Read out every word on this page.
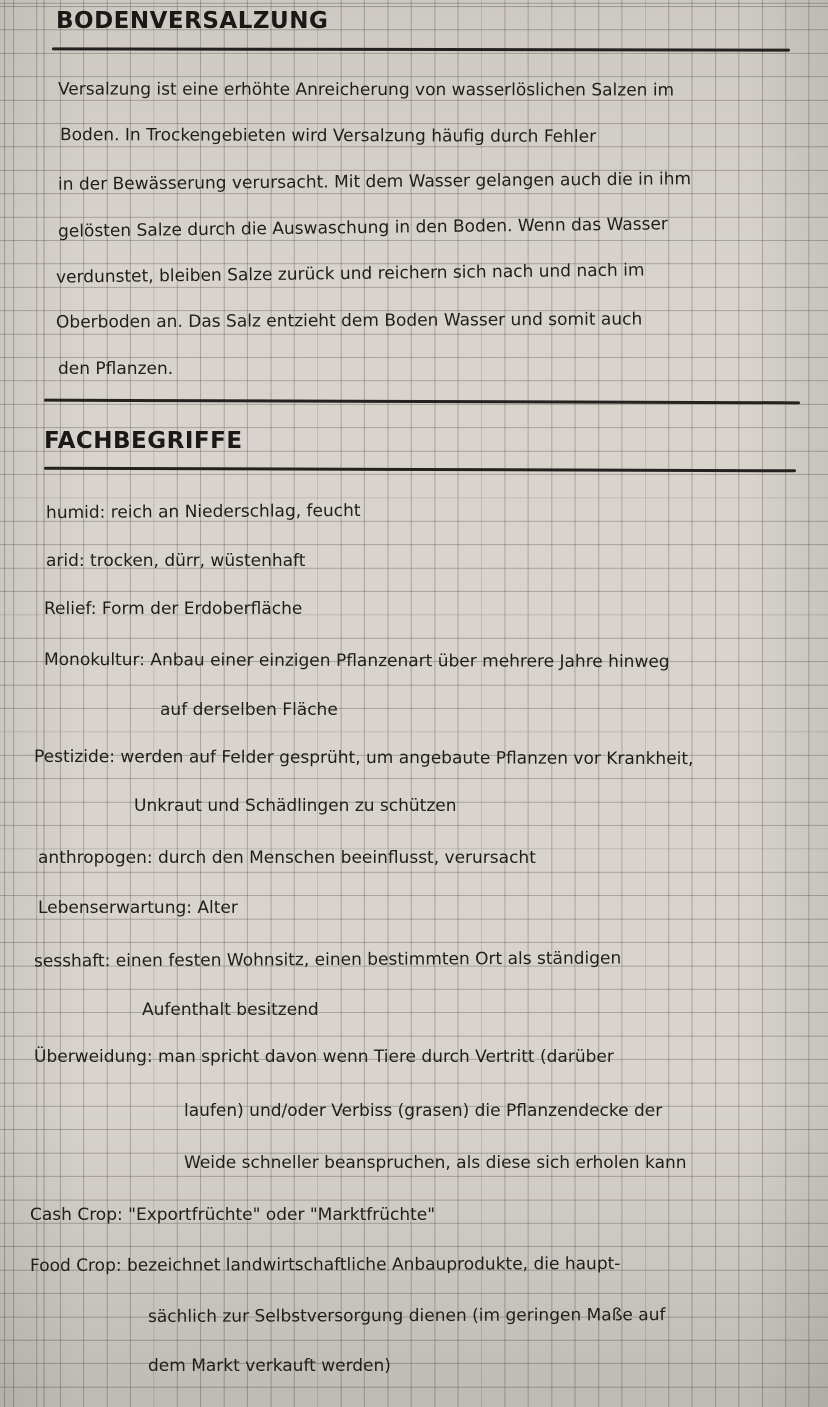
BODENVERSALZUNG
Versalzung ist eine erhöhte Anreicherung von wasserlöslichen Salzen im
Boden. In Trockengebieten wird Versalzung häufig durch Fehler
in der Bewässerung verursacht. Mit dem Wasser gelangen auch die in ihm
gelösten Salze durch die Auswaschung in den Boden. Wenn das Wasser
verdunstet, bleiben Salze zurück und reichern sich nach und nach im
Oberboden an. Das Salz entzieht dem Boden Wasser und somit auch
den Pflanzen.
FACHBEGRIFFE
humid: reich an Niederschlag, feucht
arid: trocken, dürr, wüstenhaft
Relief: Form der Erdoberfläche
Monokultur: Anbau einer einzigen Pflanzenart über mehrere Jahre hinweg
auf derselben Fläche
Pestizide: werden auf Felder gesprüht, um angebaute Pflanzen vor Krankheit,
Unkraut und Schädlingen zu schützen
anthropogen: durch den Menschen beeinflusst, verursacht
Lebenserwartung: Alter
sesshaft: einen festen Wohnsitz, einen bestimmten Ort als ständigen
Aufenthalt besitzend
Überweidung: man spricht davon wenn Tiere durch Vertritt (darüber
laufen) und/oder Verbiss (grasen) die Pflanzendecke der
Weide schneller beanspruchen, als diese sich erholen kann
Cash Crop: "Exportfrüchte" oder "Marktfrüchte"
Food Crop: bezeichnet landwirtschaftliche Anbauprodukte, die haupt-
sächlich zur Selbstversorgung dienen (im geringen Maße auf
dem Markt verkauft werden)
